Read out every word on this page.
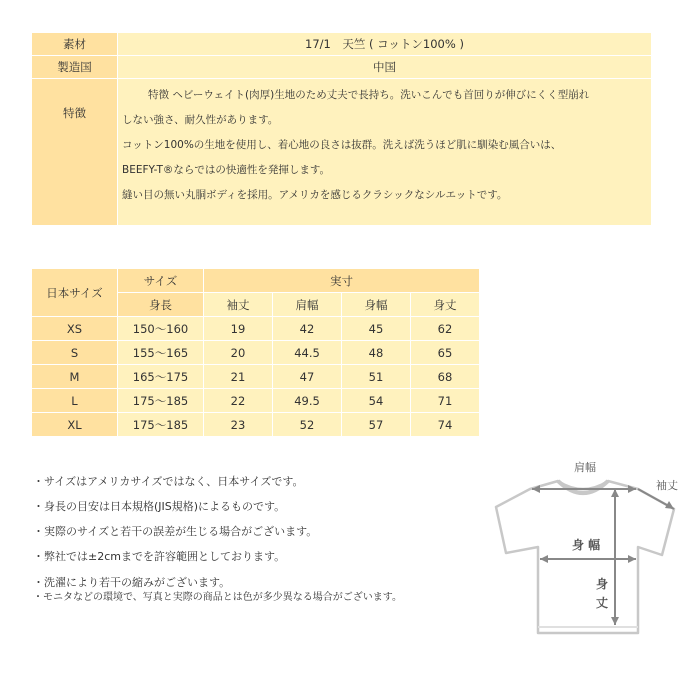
素材	17/1　天竺 ( コットン100% )
製造国	中国
特徴	特徴 ヘビーウェイト(肉厚)生地のため丈夫で長持ち。洗いこんでも首回りが伸びにくく型崩れ

しない強さ、耐久性があります。

コットン100%の生地を使用し、着心地の良さは抜群。洗えば洗うほど肌に馴染む風合いは、

BEEFY-T®ならではの快適性を発揮します。

縫い目の無い丸胴ボディを採用。アメリカを感じるクラシックなシルエットです。

日本サイズ	サイズ	実寸			
	身長	袖丈	肩幅	身幅	身丈
XS	150〜160	19	42	45	62
S	155〜165	20	44.5	48	65
M	165〜175	21	47	51	68
L	175〜185	22	49.5	54	71
XL	175〜185	23	52	57	74

・サイズはアメリカサイズではなく、日本サイズです。

・身長の目安は日本規格(JIS規格)によるものです。

・実際のサイズと若干の誤差が生じる場合がございます。

・弊社では±2cmまでを許容範囲としております。

・洗濯により若干の縮みがございます。

・モニタなどの環境で、写真と実際の商品とは色が多少異なる場合がございます。

肩幅
袖丈
身 幅
身
丈
